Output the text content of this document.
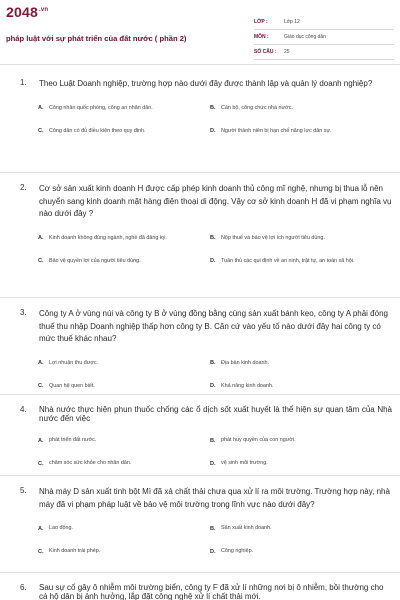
$2048^{.vn}$
pháp luật với sự phát triển của đất nước ( phần 2)
LỚP :	Lớp 12
MÔN :	Giáo dục công dân
SỐ CÂU :	25
1.	Theo Luật Doanh nghiệp, trường hợp nào dưới đây được thành lập và quản lý doanh nghiệp?
A.	Công nhân quốc phòng, công an nhân dân.	B.	Cán bộ, công chức nhà nước.
C.	Công dân có đủ điều kiện theo quy định.	D.	Người thành niên bị hạn chế năng lực dân sự.
2.	Cơ sở sản xuất kinh doanh H được cấp phép kinh doanh thủ công mĩ nghệ, nhưng bị thua lỗ nên chuyển sang kinh doanh mặt hàng điện thoại di động. Vậy cơ sở kinh doanh H đã vi phạm nghĩa vụ nào dưới đây ?
A.	Kinh doanh không đúng ngành, nghề đã đăng ký.	B.	Nộp thuế và bảo vệ lợi ích người tiêu dùng.
C.	Bảo vệ quyền lợi của người tiêu dùng.	D.	Tuân thủ các qui định về an ninh, trật tự, an toàn xã hội.
3.	Công ty A ở vùng núi và công ty B ở vùng đồng bằng cùng sản xuất bánh kẹo, công ty A phải đóng thuế thu nhập Doanh nghiệp thấp hơn công ty B. Căn cứ vào yếu tố nào dưới đây hai công ty có mức thuế khác nhau?
A.	Lợi nhuận thu được.	B.	Địa bàn kinh doanh.
C.	Quan hệ quen biết.	D.	Khả năng kinh doanh.
4.	Nhà nước thực hiện phun thuốc chống các ổ dịch sốt xuất huyết là thể hiện sự quan tâm của Nhà nước đến việc
A.	phát triển đất nước.	B.	phát huy quyền của con người.
C.	chăm sóc sức khỏe cho nhân dân.	D.	vệ sinh môi trường.
5.	Nhà máy D sản xuất tinh bột Mì đã xả chất thải chưa qua xử lí ra môi trường. Trường hợp này, nhà máy đã vi phạm pháp luật về bảo vệ môi trường trong lĩnh vực nào dưới đây?
A.	Lao động.	B.	Sản xuất kinh doanh.
C.	Kinh doanh trái phép.	D.	Công nghiệp.
6.	Sau sự cố gây ô nhiễm môi trường biển, công ty F đã xử lí những nơi bị ô nhiễm, bồi thường cho cá hộ dân bị ảnh hưởng, lắp đặt công nghệ xử lí chất thải mới.
